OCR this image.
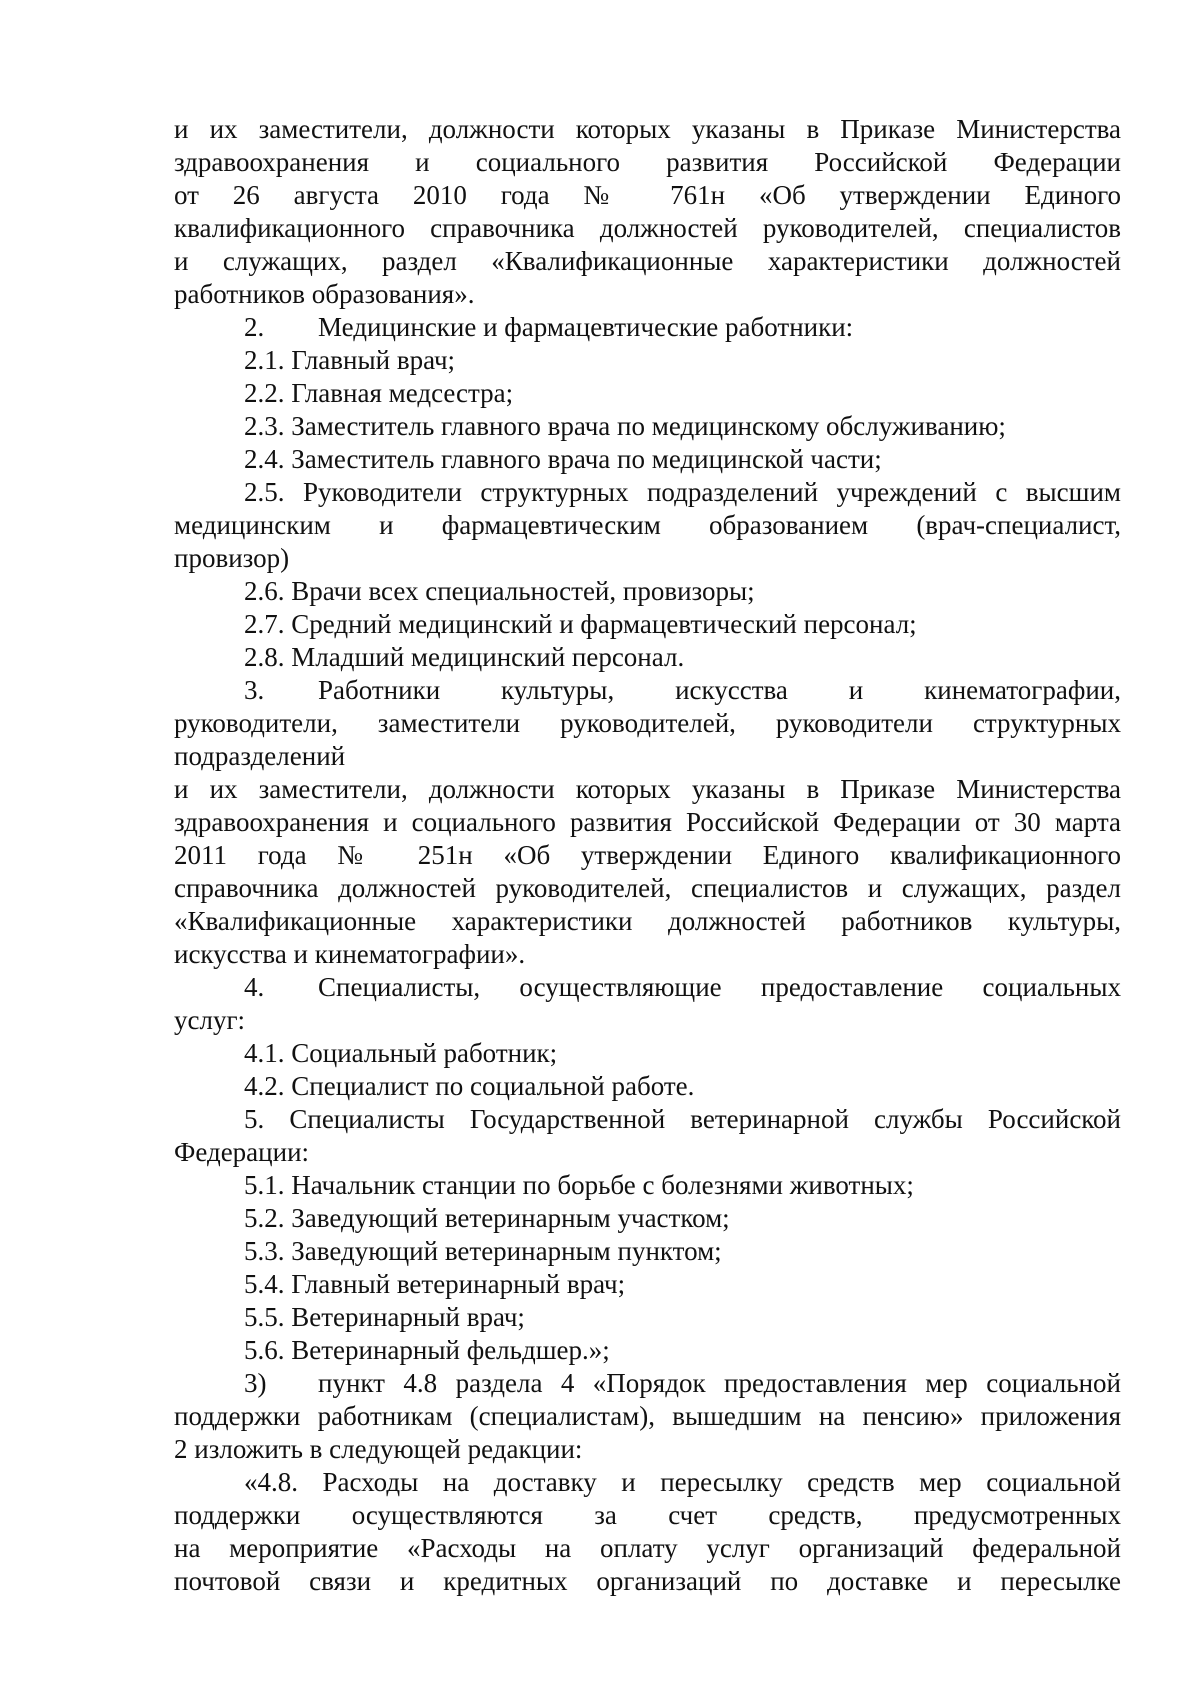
и их заместители, должности которых указаны в Приказе Министерства
здравоохранения и социального развития Российской Федерации
от 26 августа 2010 года № 761н «Об утверждении Единого
квалификационного справочника должностей руководителей, специалистов
и служащих, раздел «Квалификационные характеристики должностей
работников образования».
2. Медицинские и фармацевтические работники:
2.1. Главный врач;
2.2. Главная медсестра;
2.3. Заместитель главного врача по медицинскому обслуживанию;
2.4. Заместитель главного врача по медицинской части;
2.5. Руководители структурных подразделений учреждений с высшим
медицинским и фармацевтическим образованием (врач-специалист,
провизор)
2.6. Врачи всех специальностей, провизоры;
2.7. Средний медицинский и фармацевтический персонал;
2.8. Младший медицинский персонал.
3. Работники культуры, искусства и кинематографии,
руководители, заместители руководителей, руководители структурных
подразделений
и их заместители, должности которых указаны в Приказе Министерства
здравоохранения и социального развития Российской Федерации от 30 марта
2011 года № 251н «Об утверждении Единого квалификационного
справочника должностей руководителей, специалистов и служащих, раздел
«Квалификационные характеристики должностей работников культуры,
искусства и кинематографии».
4. Специалисты, осуществляющие предоставление социальных
услуг:
4.1. Социальный работник;
4.2. Специалист по социальной работе.
5. Специалисты Государственной ветеринарной службы Российской
Федерации:
5.1. Начальник станции по борьбе с болезнями животных;
5.2. Заведующий ветеринарным участком;
5.3. Заведующий ветеринарным пунктом;
5.4. Главный ветеринарный врач;
5.5. Ветеринарный врач;
5.6. Ветеринарный фельдшер.»;
3) пункт 4.8 раздела 4 «Порядок предоставления мер социальной
поддержки работникам (специалистам), вышедшим на пенсию» приложения
2 изложить в следующей редакции:
«4.8. Расходы на доставку и пересылку средств мер социальной
поддержки осуществляются за счет средств, предусмотренных
на мероприятие «Расходы на оплату услуг организаций федеральной
почтовой связи и кредитных организаций по доставке и пересылке
